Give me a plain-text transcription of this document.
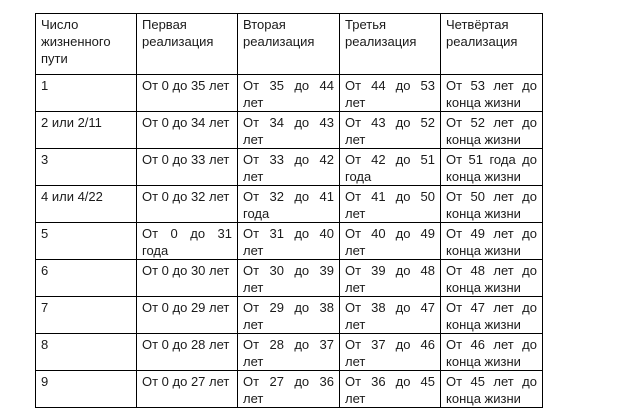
Число жизненного пути	Первая реализация	Вторая реализация	Третья реализация	Четвёртая реализация
1	От 0 до 35 лет	От 35 до 44 лет	От 44 до 53 лет	От 53 лет до конца жизни
2 или 2/11	От 0 до 34 лет	От 34 до 43 лет	От 43 до 52 лет	От 52 лет до конца жизни
3	От 0 до 33 лет	От 33 до 42 лет	От 42 до 51 года	От 51 года до конца жизни
4 или 4/22	От 0 до 32 лет	От 32 до 41 года	От 41 до 50 лет	От 50 лет до конца жизни
5	От 0 до 31 года	От 31 до 40 лет	От 40 до 49 лет	От 49 лет до конца жизни
6	От 0 до 30 лет	От 30 до 39 лет	От 39 до 48 лет	От 48 лет до конца жизни
7	От 0 до 29 лет	От 29 до 38 лет	От 38 до 47 лет	От 47 лет до конца жизни
8	От 0 до 28 лет	От 28 до 37 лет	От 37 до 46 лет	От 46 лет до конца жизни
9	От 0 до 27 лет	От 27 до 36 лет	От 36 до 45 лет	От 45 лет до конца жизни
